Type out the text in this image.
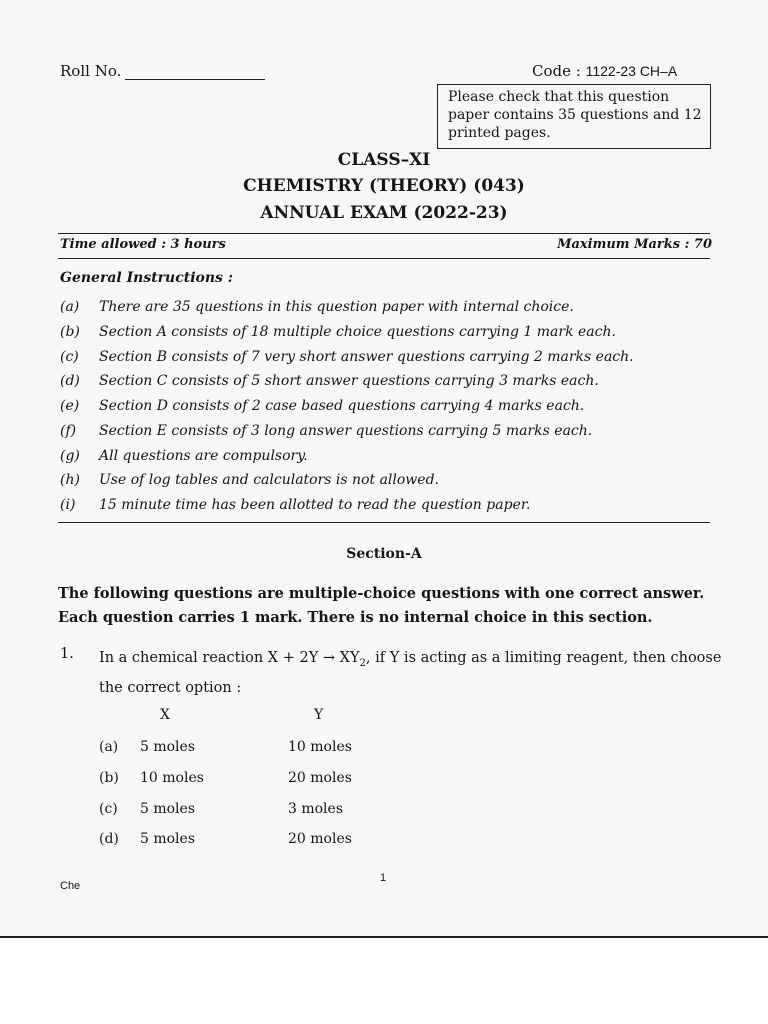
Roll No.	Code : 1122-23 CH–A
Please check that this question paper contains 35 questions and 12 printed pages.
CLASS–XI
CHEMISTRY (THEORY) (043)
ANNUAL EXAM (2022-23)
Time allowed : 3 hours	Maximum Marks : 70
General Instructions :
(a) There are 35 questions in this question paper with internal choice.
(b) Section A consists of 18 multiple choice questions carrying 1 mark each.
(c) Section B consists of 7 very short answer questions carrying 2 marks each.
(d) Section C consists of 5 short answer questions carrying 3 marks each.
(e) Section D consists of 2 case based questions carrying 4 marks each.
(f) Section E consists of 3 long answer questions carrying 5 marks each.
(g) All questions are compulsory.
(h) Use of log tables and calculators is not allowed.
(i) 15 minute time has been allotted to read the question paper.
Section-A
The following questions are multiple-choice questions with one correct answer.
Each question carries 1 mark. There is no internal choice in this section.
1. In a chemical reaction $X + 2Y \to XY_2$, if Y is acting as a limiting reagent, then choose
the correct option :
X	Y
(a) 5 moles	10 moles
(b) 10 moles	20 moles
(c) 5 moles	3 moles
(d) 5 moles	20 moles
Che
1
